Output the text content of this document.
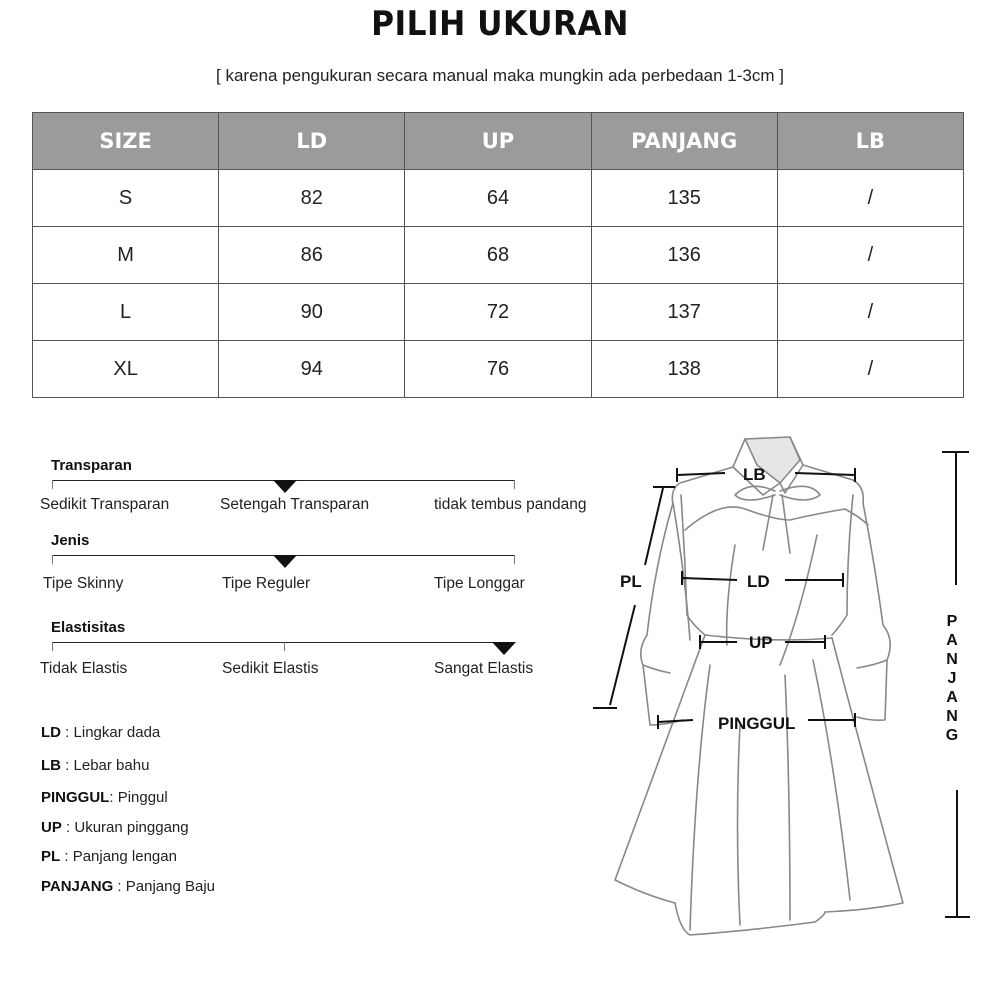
PILIH UKURAN
[ karena pengukuran secara manual maka mungkin ada perbedaan 1-3cm ]
SIZE	LD	UP	PANJANG	LB
S	82	64	135	/
M	86	68	136	/
L	90	72	137	/
XL	94	76	138	/
Transparan
Sedikit Transparan	Setengah Transparan	tidak tembus pandang
Jenis
Tipe Skinny	Tipe Reguler	Tipe Longgar
Elastisitas
Tidak Elastis	Sedikit Elastis	Sangat Elastis
LD : Lingkar dada
LB : Lebar bahu
PINGGUL: Pinggul
UP : Ukuran pinggang
PL : Panjang lengan
PANJANG : Panjang Baju
LB
PL	LD
UP
PINGGUL
P
A
N
J
A
N
G
